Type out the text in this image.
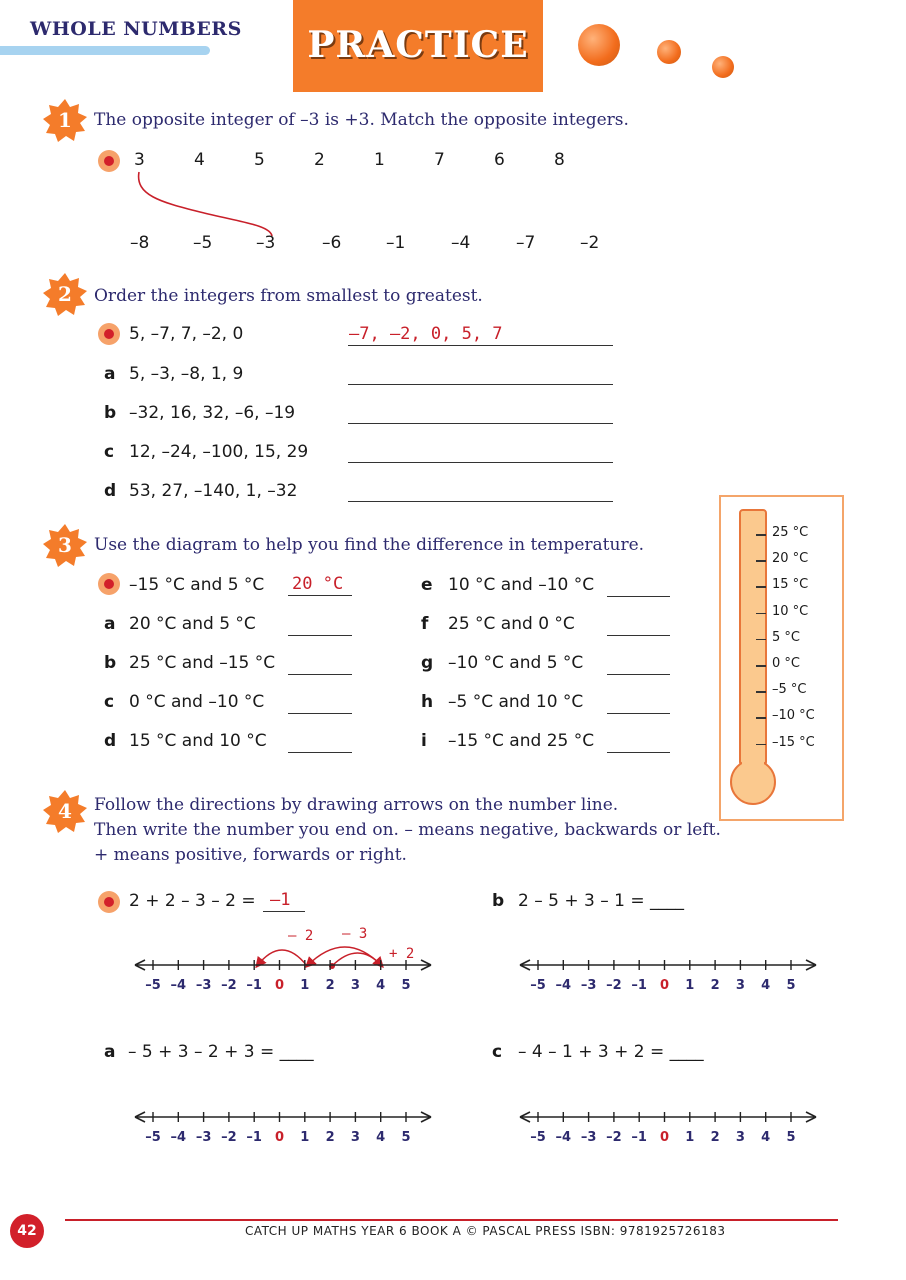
WHOLE NUMBERS	PRACTICE
1	The opposite integer of –3 is +3. Match the opposite integers.
2	Order the integers from smallest to greatest.
5, –7, 7, –2, 0	–7, –2, 0, 5, 7
3	Use the diagram to help you find the difference in temperature.
–15 °C and 5 °C 20 °C
4	Follow the directions by drawing arrows on the number line.
Then write the number you end on. – means negative, backwards or left.
+ means positive, forwards or right.
2 + 2 – 3 – 2 = –1	b 2 – 5 + 3 – 1 = ____
a – 5 + 3 – 2 + 3 = ____	c – 4 – 1 + 3 + 2 = ____
+ 2
– 3
– 2
42	CATCH UP MATHS YEAR 6 BOOK A © PASCAL PRESS ISBN: 9781925726183
3	4	5	2	1	7	6	8
–8	–5	–3	–6	–1	–4	–7	–2
a 5, –3, –8, 1, 9
b –32, 16, 32, –6, –19
c 12, –24, –100, 15, 29
d 53, 27, –140, 1, –32
a 20 °C and 5 °C
b 25 °C and –15 °C
c 0 °C and –10 °C
d 15 °C and 10 °C
e 10 °C and –10 °C
f 25 °C and 0 °C
g –10 °C and 5 °C
h –5 °C and 10 °C
i –15 °C and 25 °C
25 °C
20 °C
15 °C
10 °C
5 °C
0 °C
–5 °C
–10 °C
–15 °C
–5 –4 –3 –2 –1	0	1	2	3	4	5	–5 –4 –3 –2 –1	0	1	2	3	4	5
–5 –4 –3 –2 –1	0	1	2	3	4	5	–5 –4 –3 –2 –1	0	1	2	3	4	5
